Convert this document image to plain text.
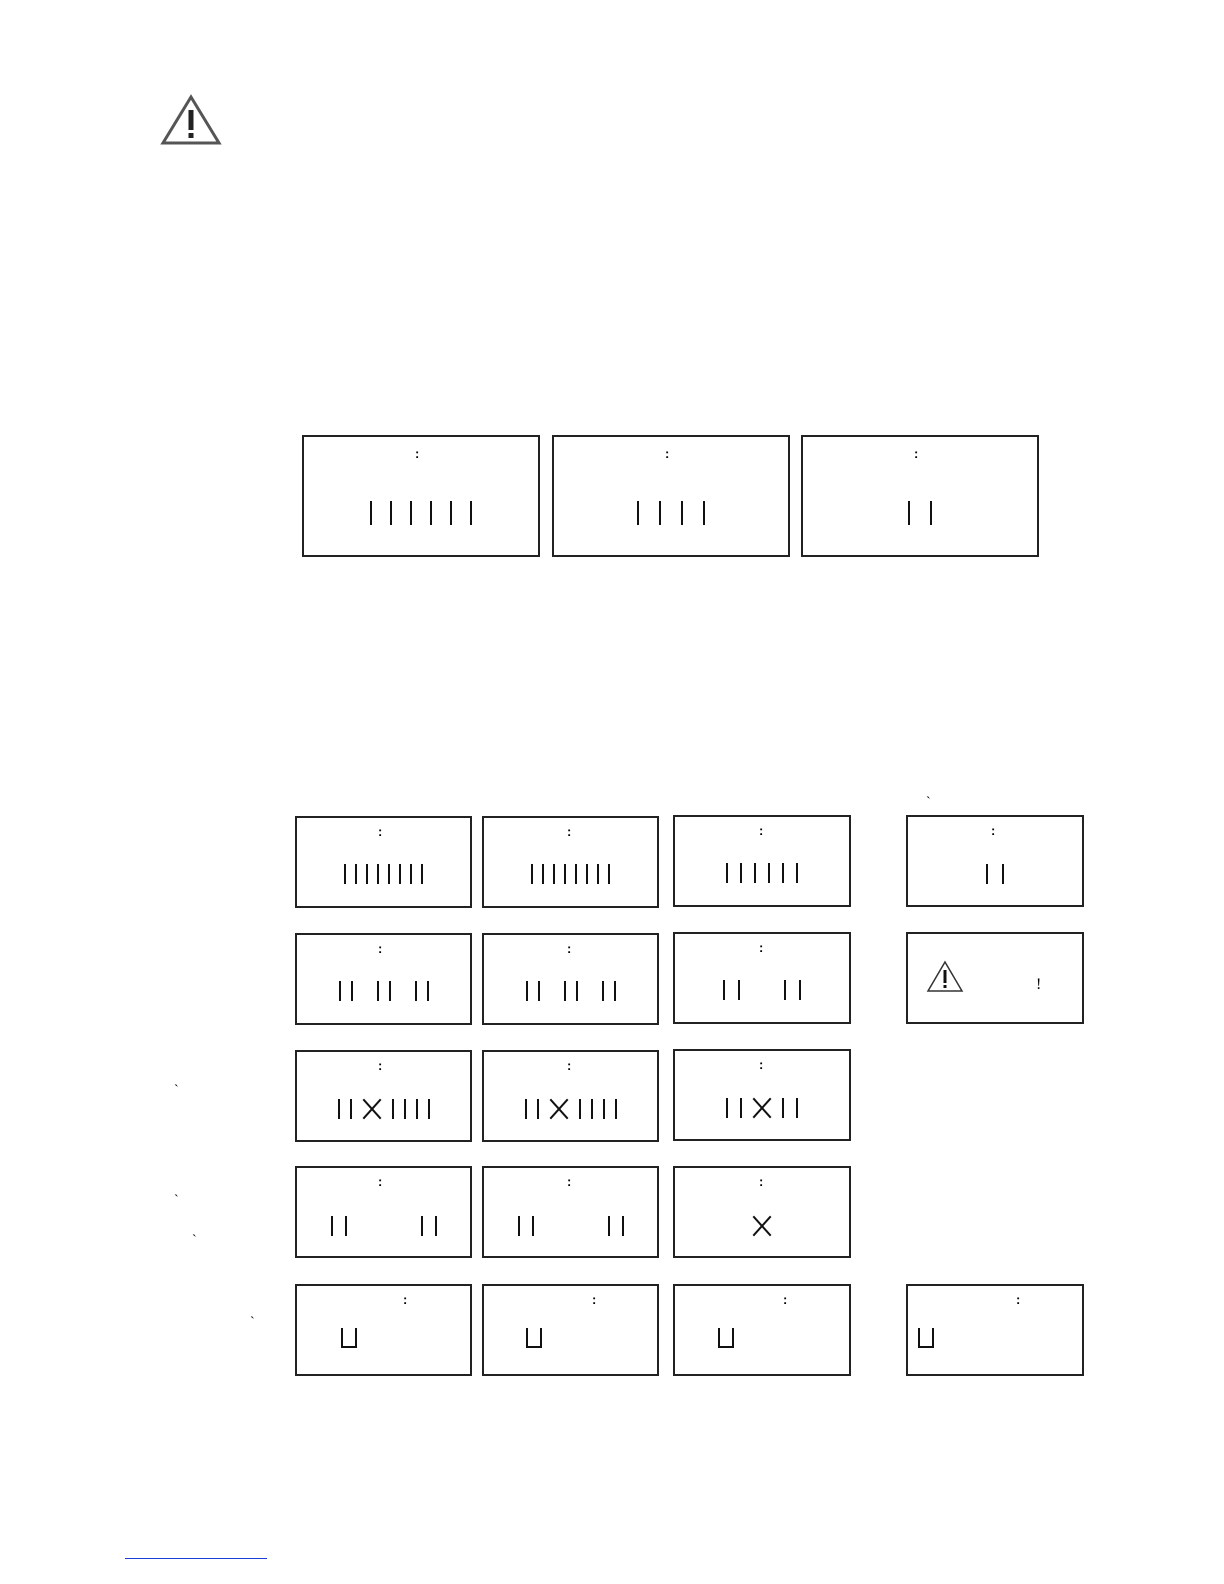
:	:	:
`
`
`
`
`
:	:	:	:
:	:	:
!
:	:	:
:	:	:
:	:	:	:
